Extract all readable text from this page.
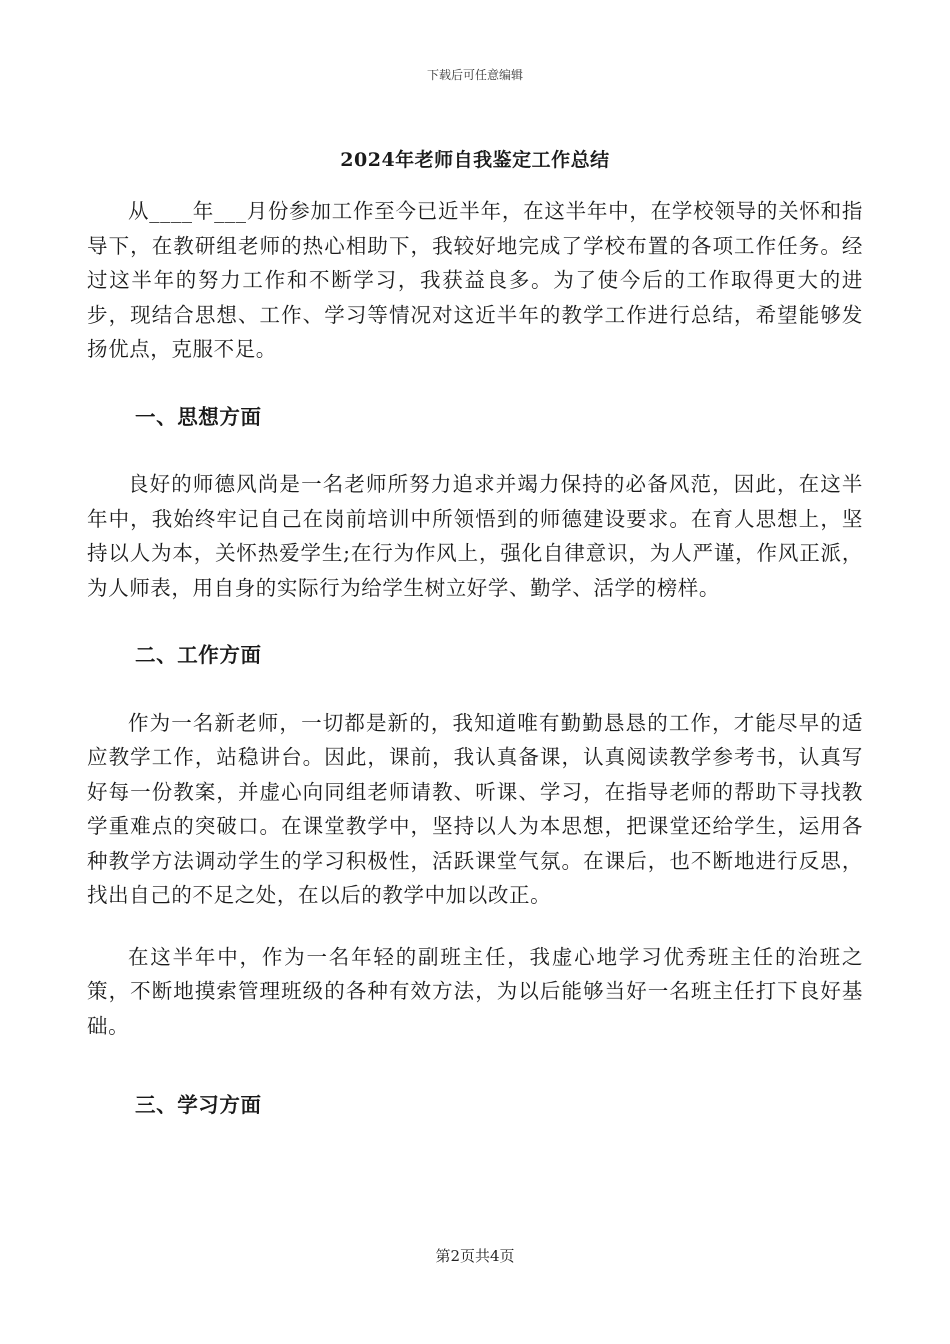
下载后可任意编辑
2024年老师自我鉴定工作总结

从____年___月份参加工作至今已近半年，在这半年中，在学校领导的关怀和指导下，在教研组老师的热心相助下，我较好地完成了学校布置的各项工作任务。经过这半年的努力工作和不断学习，我获益良多。为了使今后的工作取得更大的进步，现结合思想、工作、学习等情况对这近半年的教学工作进行总结，希望能够发扬优点，克服不足。

一、思想方面

良好的师德风尚是一名老师所努力追求并竭力保持的必备风范，因此，在这半年中，我始终牢记自己在岗前培训中所领悟到的师德建设要求。在育人思想上，坚持以人为本，关怀热爱学生;在行为作风上，强化自律意识，为人严谨，作风正派，为人师表，用自身的实际行为给学生树立好学、勤学、活学的榜样。

二、工作方面

作为一名新老师，一切都是新的，我知道唯有勤勤恳恳的工作，才能尽早的适应教学工作，站稳讲台。因此，课前，我认真备课，认真阅读教学参考书，认真写好每一份教案，并虚心向同组老师请教、听课、学习，在指导老师的帮助下寻找教学重难点的突破口。在课堂教学中，坚持以人为本思想，把课堂还给学生，运用各种教学方法调动学生的学习积极性，活跃课堂气氛。在课后，也不断地进行反思，找出自己的不足之处，在以后的教学中加以改正。

在这半年中，作为一名年轻的副班主任，我虚心地学习优秀班主任的治班之策，不断地摸索管理班级的各种有效方法，为以后能够当好一名班主任打下良好基础。

三、学习方面
第2页共4页
